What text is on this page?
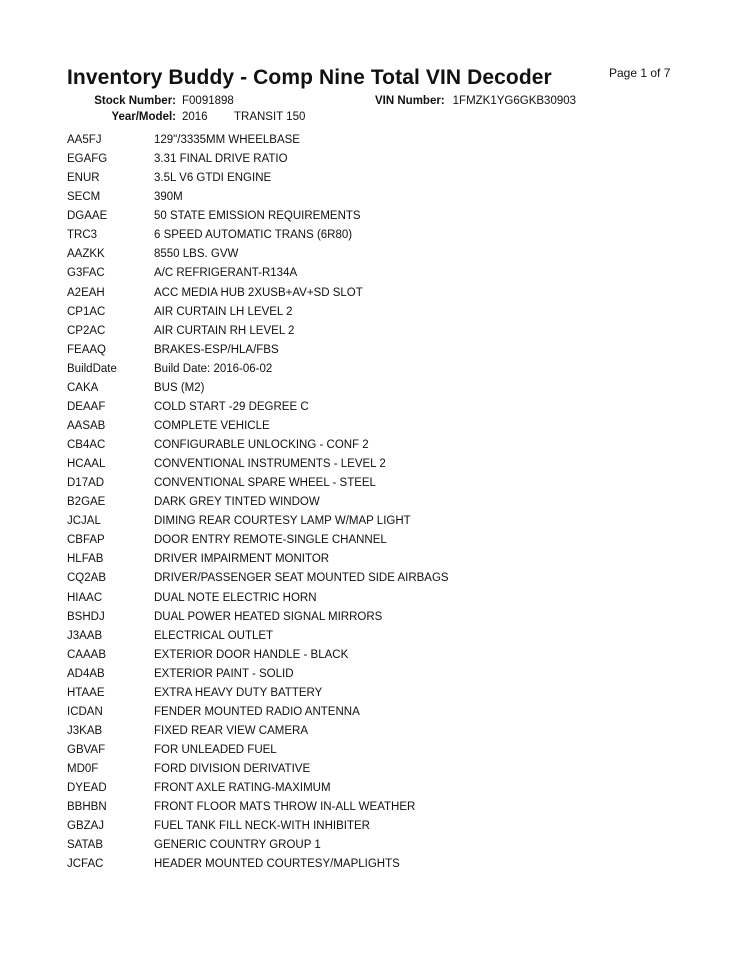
Page 1 of 7
Inventory Buddy - Comp Nine Total VIN Decoder
Stock Number: F0091898	VIN Number: 1FMZK1YG6GKB30903
Year/Model: 2016 TRANSIT 150
AA5FJ	129"/3335MM WHEELBASE
EGAFG	3.31 FINAL DRIVE RATIO
ENUR	3.5L V6 GTDI ENGINE
SECM	390M
DGAAE	50 STATE EMISSION REQUIREMENTS
TRC3	6 SPEED AUTOMATIC TRANS (6R80)
AAZKK	8550 LBS. GVW
G3FAC	A/C REFRIGERANT-R134A
A2EAH	ACC MEDIA HUB 2XUSB+AV+SD SLOT
CP1AC	AIR CURTAIN LH LEVEL 2
CP2AC	AIR CURTAIN RH LEVEL 2
FEAAQ	BRAKES-ESP/HLA/FBS
BuildDate	Build Date: 2016-06-02
CAKA	BUS (M2)
DEAAF	COLD START -29 DEGREE C
AASAB	COMPLETE VEHICLE
CB4AC	CONFIGURABLE UNLOCKING - CONF 2
HCAAL	CONVENTIONAL INSTRUMENTS - LEVEL 2
D17AD	CONVENTIONAL SPARE WHEEL - STEEL
B2GAE	DARK GREY TINTED WINDOW
JCJAL	DIMING REAR COURTESY LAMP W/MAP LIGHT
CBFAP	DOOR ENTRY REMOTE-SINGLE CHANNEL
HLFAB	DRIVER IMPAIRMENT MONITOR
CQ2AB	DRIVER/PASSENGER SEAT MOUNTED SIDE AIRBAGS
HIAAC	DUAL NOTE ELECTRIC HORN
BSHDJ	DUAL POWER HEATED SIGNAL MIRRORS
J3AAB	ELECTRICAL OUTLET
CAAAB	EXTERIOR DOOR HANDLE - BLACK
AD4AB	EXTERIOR PAINT - SOLID
HTAAE	EXTRA HEAVY DUTY BATTERY
ICDAN	FENDER MOUNTED RADIO ANTENNA
J3KAB	FIXED REAR VIEW CAMERA
GBVAF	FOR UNLEADED FUEL
MD0F	FORD DIVISION DERIVATIVE
DYEAD	FRONT AXLE RATING-MAXIMUM
BBHBN	FRONT FLOOR MATS THROW IN-ALL WEATHER
GBZAJ	FUEL TANK FILL NECK-WITH INHIBITER
SATAB	GENERIC COUNTRY GROUP 1
JCFAC	HEADER MOUNTED COURTESY/MAPLIGHTS
